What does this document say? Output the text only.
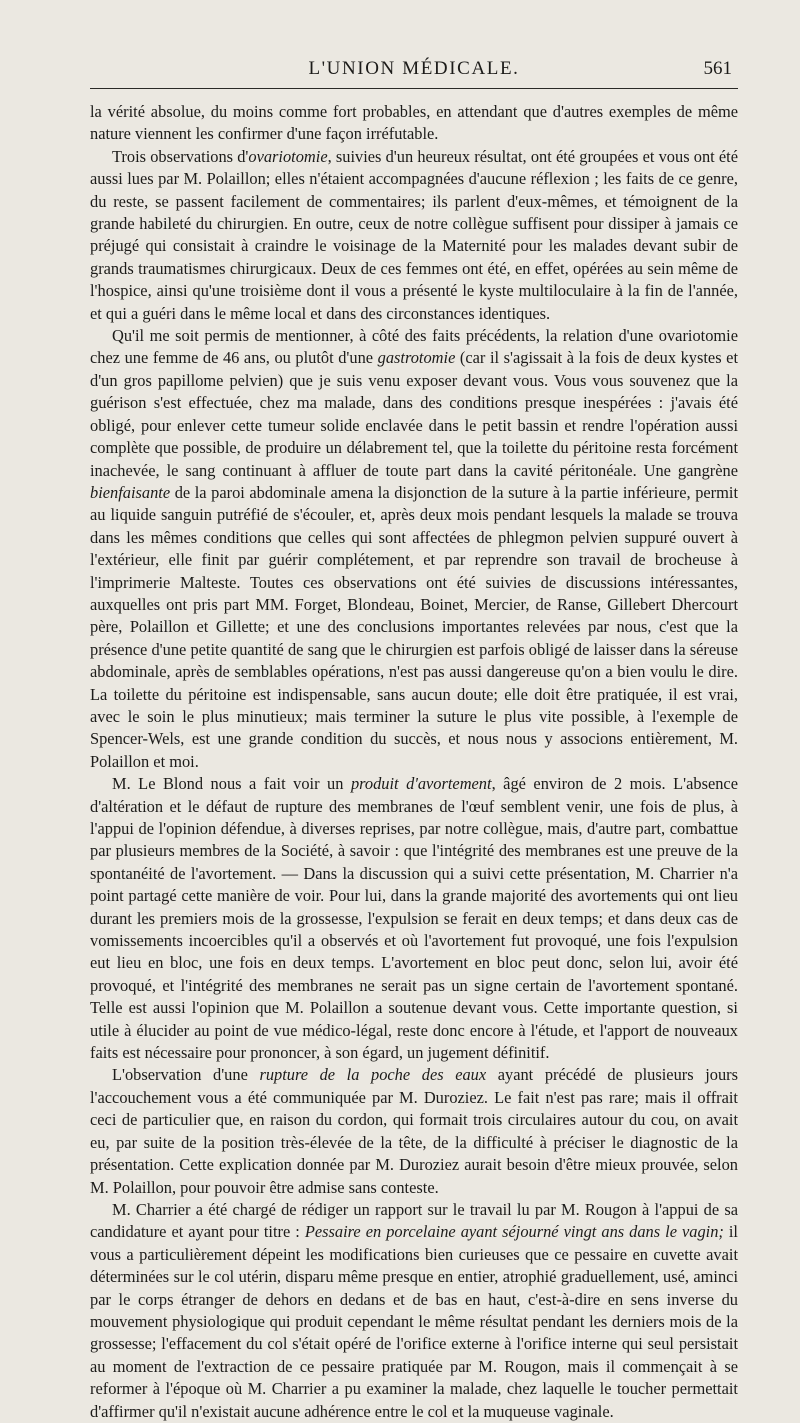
L'UNION MÉDICALE.	561

la vérité absolue, du moins comme fort probables, en attendant que d'autres exemples de même nature viennent les confirmer d'une façon irréfutable.

Trois observations d'ovariotomie, suivies d'un heureux résultat, ont été groupées et vous ont été aussi lues par M. Polaillon; elles n'étaient accompagnées d'aucune réflexion ; les faits de ce genre, du reste, se passent facilement de commentaires; ils parlent d'eux-mêmes, et témoignent de la grande habileté du chirurgien. En outre, ceux de notre collègue suffisent pour dissiper à jamais ce préjugé qui consistait à craindre le voisinage de la Maternité pour les malades devant subir de grands traumatismes chirurgicaux. Deux de ces femmes ont été, en effet, opérées au sein même de l'hospice, ainsi qu'une troisième dont il vous a présenté le kyste multiloculaire à la fin de l'année, et qui a guéri dans le même local et dans des circonstances identiques.

Qu'il me soit permis de mentionner, à côté des faits précédents, la relation d'une ovariotomie chez une femme de 46 ans, ou plutôt d'une gastrotomie (car il s'agissait à la fois de deux kystes et d'un gros papillome pelvien) que je suis venu exposer devant vous. Vous vous souvenez que la guérison s'est effectuée, chez ma malade, dans des conditions presque inespérées : j'avais été obligé, pour enlever cette tumeur solide enclavée dans le petit bassin et rendre l'opération aussi complète que possible, de produire un délabrement tel, que la toilette du péritoine resta forcément inachevée, le sang continuant à affluer de toute part dans la cavité péritonéale. Une gangrène bienfaisante de la paroi abdominale amena la disjonction de la suture à la partie inférieure, permit au liquide sanguin putréfié de s'écouler, et, après deux mois pendant lesquels la malade se trouva dans les mêmes conditions que celles qui sont affectées de phlegmon pelvien suppuré ouvert à l'extérieur, elle finit par guérir complétement, et par reprendre son travail de brocheuse à l'imprimerie Malteste. Toutes ces observations ont été suivies de discussions intéressantes, auxquelles ont pris part MM. Forget, Blondeau, Boinet, Mercier, de Ranse, Gillebert Dhercourt père, Polaillon et Gillette; et une des conclusions importantes relevées par nous, c'est que la présence d'une petite quantité de sang que le chirurgien est parfois obligé de laisser dans la séreuse abdominale, après de semblables opérations, n'est pas aussi dangereuse qu'on a bien voulu le dire. La toilette du péritoine est indispensable, sans aucun doute; elle doit être pratiquée, il est vrai, avec le soin le plus minutieux; mais terminer la suture le plus vite possible, à l'exemple de Spencer-Wels, est une grande condition du succès, et nous nous y associons entièrement, M. Polaillon et moi.

M. Le Blond nous a fait voir un produit d'avortement, âgé environ de 2 mois. L'absence d'altération et le défaut de rupture des membranes de l'œuf semblent venir, une fois de plus, à l'appui de l'opinion défendue, à diverses reprises, par notre collègue, mais, d'autre part, combattue par plusieurs membres de la Société, à savoir : que l'intégrité des membranes est une preuve de la spontanéité de l'avortement. — Dans la discussion qui a suivi cette présentation, M. Charrier n'a point partagé cette manière de voir. Pour lui, dans la grande majorité des avortements qui ont lieu durant les premiers mois de la grossesse, l'expulsion se ferait en deux temps; et dans deux cas de vomissements incoercibles qu'il a observés et où l'avortement fut provoqué, une fois l'expulsion eut lieu en bloc, une fois en deux temps. L'avortement en bloc peut donc, selon lui, avoir été provoqué, et l'intégrité des membranes ne serait pas un signe certain de l'avortement spontané. Telle est aussi l'opinion que M. Polaillon a soutenue devant vous. Cette importante question, si utile à élucider au point de vue médico-légal, reste donc encore à l'étude, et l'apport de nouveaux faits est nécessaire pour prononcer, à son égard, un jugement définitif.

L'observation d'une rupture de la poche des eaux ayant précédé de plusieurs jours l'accouchement vous a été communiquée par M. Duroziez. Le fait n'est pas rare; mais il offrait ceci de particulier que, en raison du cordon, qui formait trois circulaires autour du cou, on avait eu, par suite de la position très-élevée de la tête, de la difficulté à préciser le diagnostic de la présentation. Cette explication donnée par M. Duroziez aurait besoin d'être mieux prouvée, selon M. Polaillon, pour pouvoir être admise sans conteste.

M. Charrier a été chargé de rédiger un rapport sur le travail lu par M. Rougon à l'appui de sa candidature et ayant pour titre : Pessaire en porcelaine ayant séjourné vingt ans dans le vagin; il vous a particulièrement dépeint les modifications bien curieuses que ce pessaire en cuvette avait déterminées sur le col utérin, disparu même presque en entier, atrophié graduellement, usé, aminci par le corps étranger de dehors en dedans et de bas en haut, c'est-à-dire en sens inverse du mouvement physiologique qui produit cependant le même résultat pendant les derniers mois de la grossesse; l'effacement du col s'était opéré de l'orifice externe à l'orifice interne qui seul persistait au moment de l'extraction de ce pessaire pratiquée par M. Rougon, mais il commençait à se reformer à l'époque où M. Charrier a pu examiner la malade, chez laquelle le toucher permettait d'affirmer qu'il n'existait aucune adhérence entre le col et la muqueuse vaginale.
